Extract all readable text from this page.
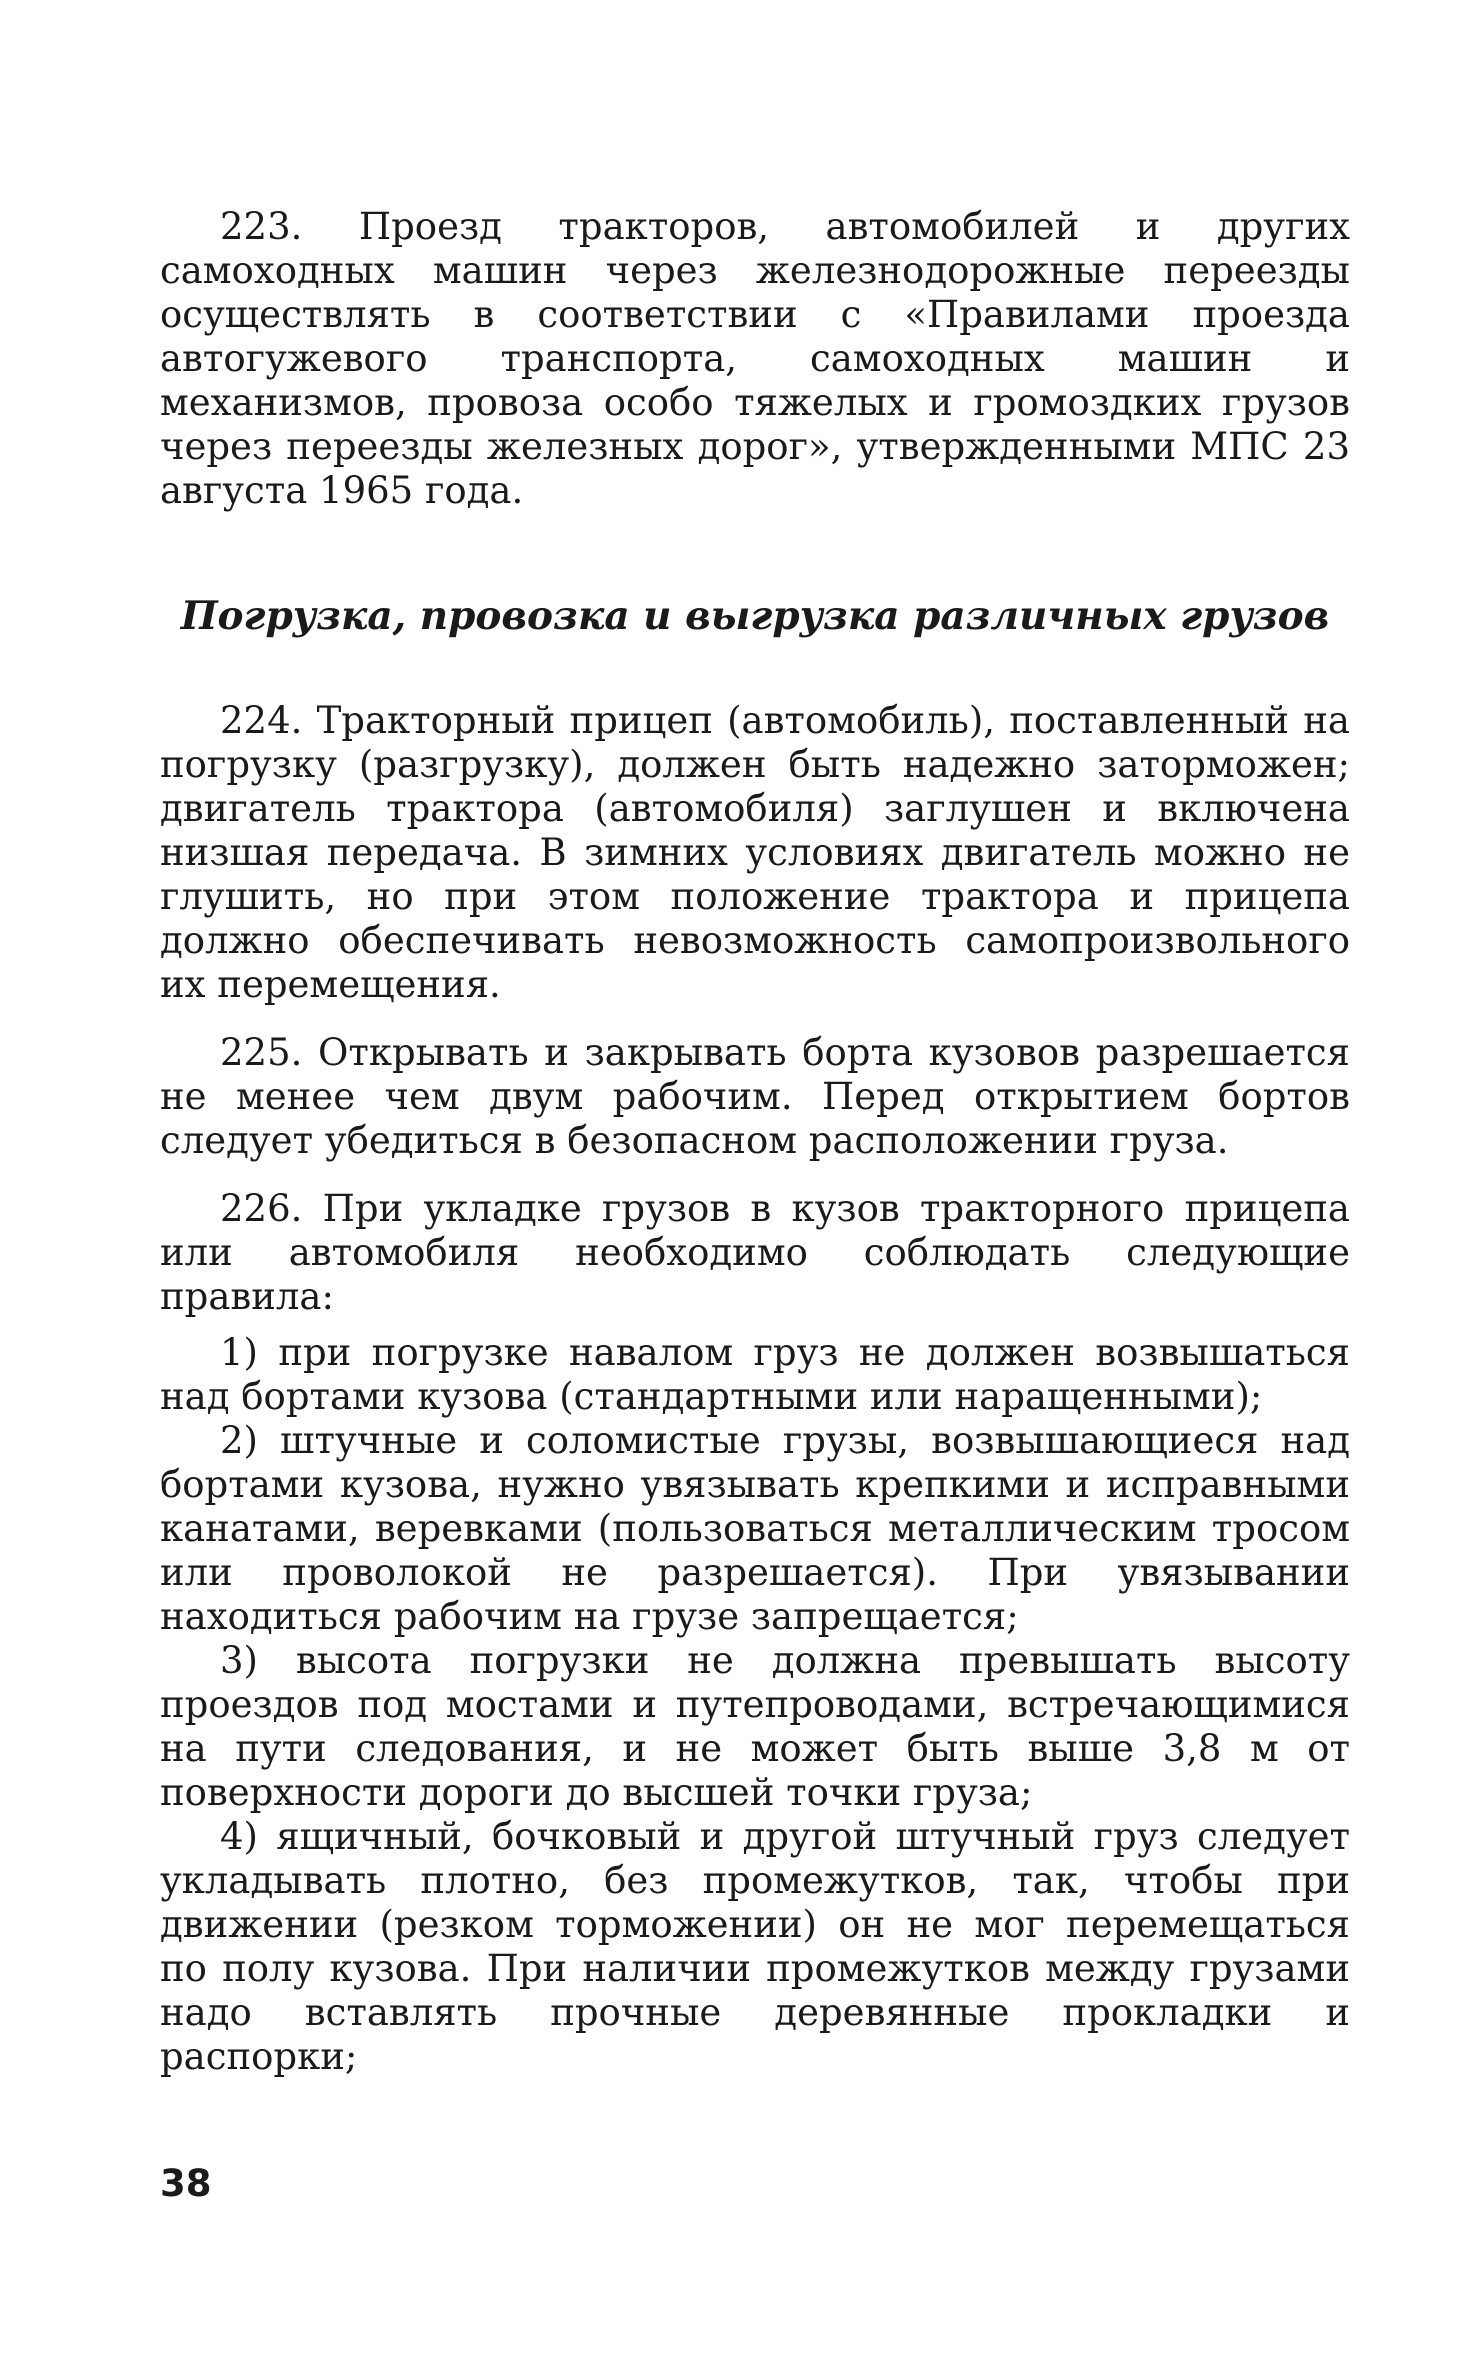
223. Проезд тракторов, автомобилей и других самоходных машин через железнодорожные переезды осуществлять в соответствии с «Правилами проезда автогужевого транспорта, самоходных машин и механизмов, провоза особо тяжелых и громоздких грузов через переезды железных дорог», утвержденными МПС 23 августа 1965 года.

Погрузка, провозка и выгрузка различных грузов

224. Тракторный прицеп (автомобиль), поставленный на погрузку (разгрузку), должен быть надежно заторможен; двигатель трактора (автомобиля) заглушен и включена низшая передача. В зимних условиях двигатель можно не глушить, но при этом положение трактора и прицепа должно обеспечивать невозможность самопроизвольного их перемещения.

225. Открывать и закрывать борта кузовов разрешается не менее чем двум рабочим. Перед открытием бортов следует убедиться в безопасном расположении груза.

226. При укладке грузов в кузов тракторного прицепа или автомобиля необходимо соблюдать следующие правила:

1) при погрузке навалом груз не должен возвышаться над бортами кузова (стандартными или наращенными);

2) штучные и соломистые грузы, возвышающиеся над бортами кузова, нужно увязывать крепкими и исправными канатами, веревками (пользоваться металлическим тросом или проволокой не разрешается). При увязывании находиться рабочим на грузе запрещается;

3) высота погрузки не должна превышать высоту проездов под мостами и путепроводами, встречающимися на пути следования, и не может быть выше 3,8 м от поверхности дороги до высшей точки груза;

4) ящичный, бочковый и другой штучный груз следует укладывать плотно, без промежутков, так, чтобы при движении (резком торможении) он не мог перемещаться по полу кузова. При наличии промежутков между грузами надо вставлять прочные деревянные прокладки и распорки;

38
